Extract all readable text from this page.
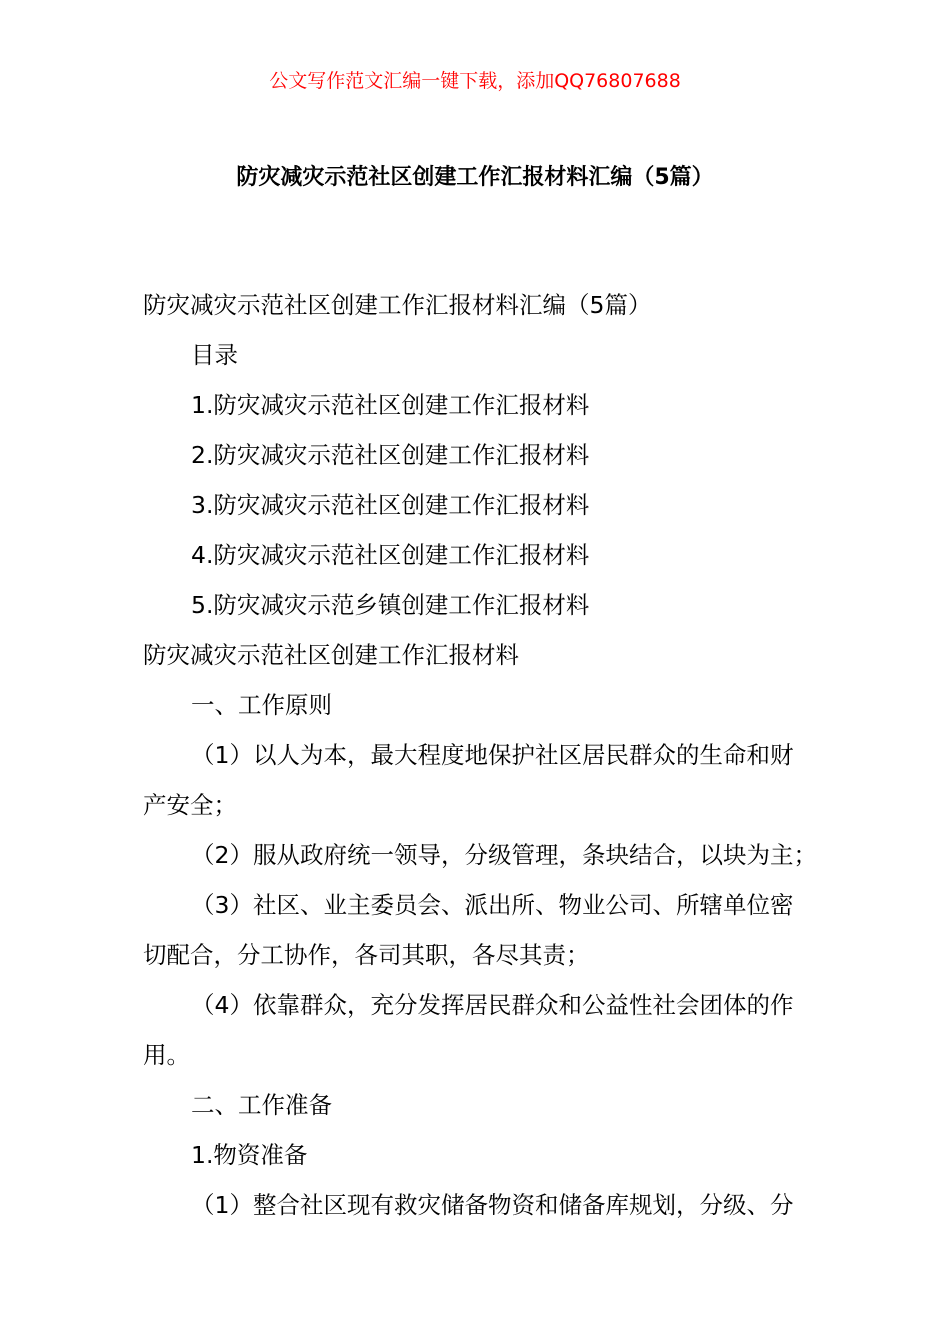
公文写作范文汇编一键下载，添加QQ76807688
防灾减灾示范社区创建工作汇报材料汇编（5篇）
防灾减灾示范社区创建工作汇报材料汇编（5篇）
目录
1.防灾减灾示范社区创建工作汇报材料
2.防灾减灾示范社区创建工作汇报材料
3.防灾减灾示范社区创建工作汇报材料
4.防灾减灾示范社区创建工作汇报材料
5.防灾减灾示范乡镇创建工作汇报材料
防灾减灾示范社区创建工作汇报材料
一、工作原则
（1）以人为本，最大程度地保护社区居民群众的生命和财
产安全；
（2）服从政府统一领导，分级管理，条块结合，以块为主；
（3）社区、业主委员会、派出所、物业公司、所辖单位密
切配合，分工协作，各司其职，各尽其责；
（4）依靠群众，充分发挥居民群众和公益性社会团体的作
用。
二、工作准备
1.物资准备
（1）整合社区现有救灾储备物资和储备库规划，分级、分
